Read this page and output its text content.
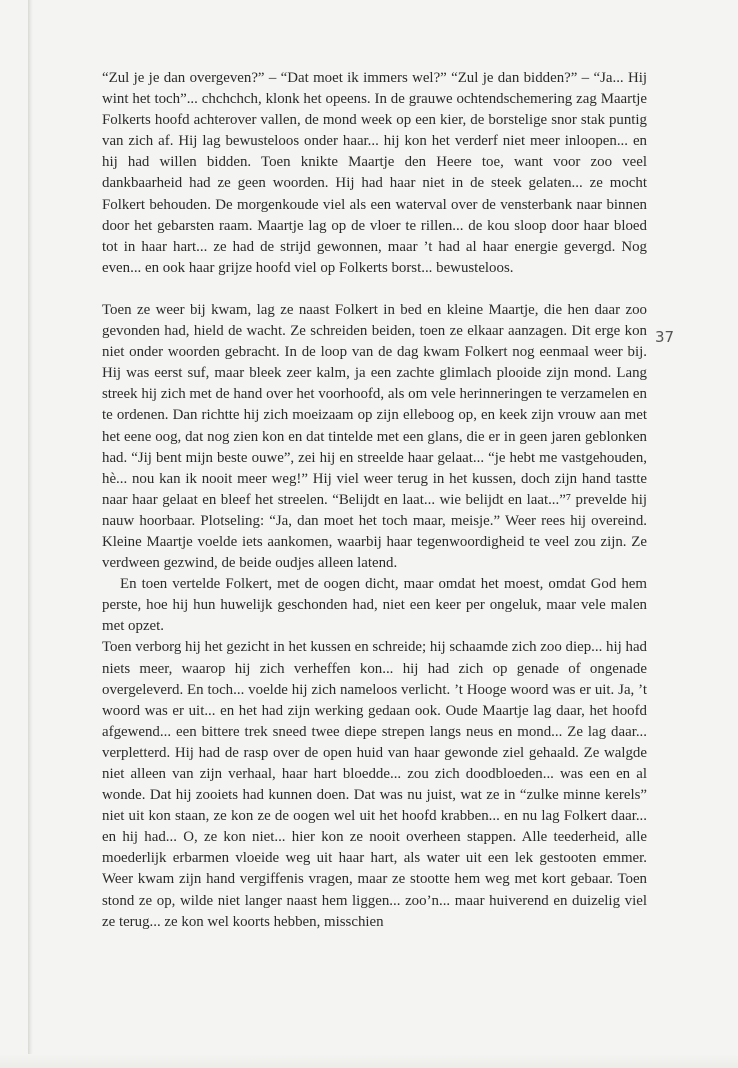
“Zul je je dan overgeven?” – “Dat moet ik immers wel?” “Zul je dan bidden?” – “Ja... Hij wint het toch”... chchchch, klonk het opeens. In de grauwe ochtendschemering zag Maartje Folkerts hoofd achterover vallen, de mond week op een kier, de borstelige snor stak puntig van zich af. Hij lag bewusteloos onder haar... hij kon het verderf niet meer inloopen... en hij had willen bidden. Toen knikte Maartje den Heere toe, want voor zoo veel dankbaarheid had ze geen woorden. Hij had haar niet in de steek gelaten... ze mocht Folkert behouden. De morgenkoude viel als een waterval over de vensterbank naar binnen door het gebarsten raam. Maartje lag op de vloer te rillen... de kou sloop door haar bloed tot in haar hart... ze had de strijd gewonnen, maar ’t had al haar energie gevergd. Nog even... en ook haar grijze hoofd viel op Folkerts borst... bewusteloos.

Toen ze weer bij kwam, lag ze naast Folkert in bed en kleine Maartje, die hen daar zoo gevonden had, hield de wacht. Ze schreiden beiden, toen ze elkaar aanzagen. Dit erge kon niet onder woorden gebracht. In de loop van de dag kwam Folkert nog eenmaal weer bij. Hij was eerst suf, maar bleek zeer kalm, ja een zachte glimlach plooide zijn mond. Lang streek hij zich met de hand over het voorhoofd, als om vele herinneringen te verzamelen en te ordenen. Dan richtte hij zich moeizaam op zijn elleboog op, en keek zijn vrouw aan met het eene oog, dat nog zien kon en dat tintelde met een glans, die er in geen jaren geblonken had. “Jij bent mijn beste ouwe”, zei hij en streelde haar gelaat... “je hebt me vastgehouden, hè... nou kan ik nooit meer weg!” Hij viel weer terug in het kussen, doch zijn hand tastte naar haar gelaat en bleef het streelen. “Belijdt en laat... wie belijdt en laat...”⁷ prevelde hij nauw hoorbaar. Plotseling: “Ja, dan moet het toch maar, meisje.” Weer rees hij overeind. Kleine Maartje voelde iets aankomen, waarbij haar tegenwoordigheid te veel zou zijn. Ze verdween gezwind, de beide oudjes alleen latend.

En toen vertelde Folkert, met de oogen dicht, maar omdat het moest, omdat God hem perste, hoe hij hun huwelijk geschonden had, niet een keer per ongeluk, maar vele malen met opzet.

Toen verborg hij het gezicht in het kussen en schreide; hij schaamde zich zoo diep... hij had niets meer, waarop hij zich verheffen kon... hij had zich op genade of ongenade overgeleverd. En toch... voelde hij zich nameloos verlicht. ’t Hooge woord was er uit. Ja, ’t woord was er uit... en het had zijn werking gedaan ook. Oude Maartje lag daar, het hoofd afgewend... een bittere trek sneed twee diepe strepen langs neus en mond... Ze lag daar... verpletterd. Hij had de rasp over de open huid van haar gewonde ziel gehaald. Ze walgde niet alleen van zijn verhaal, haar hart bloedde... zou zich doodbloeden... was een en al wonde. Dat hij zooiets had kunnen doen. Dat was nu juist, wat ze in “zulke minne kerels” niet uit kon staan, ze kon ze de oogen wel uit het hoofd krabben... en nu lag Folkert daar... en hij had... O, ze kon niet... hier kon ze nooit overheen stappen. Alle teederheid, alle moederlijk erbarmen vloeide weg uit haar hart, als water uit een lek gestooten emmer. Weer kwam zijn hand vergiffenis vragen, maar ze stootte hem weg met kort gebaar. Toen stond ze op, wilde niet langer naast hem liggen... zoo’n... maar huiverend en duizelig viel ze terug... ze kon wel koorts hebben, misschien

37
